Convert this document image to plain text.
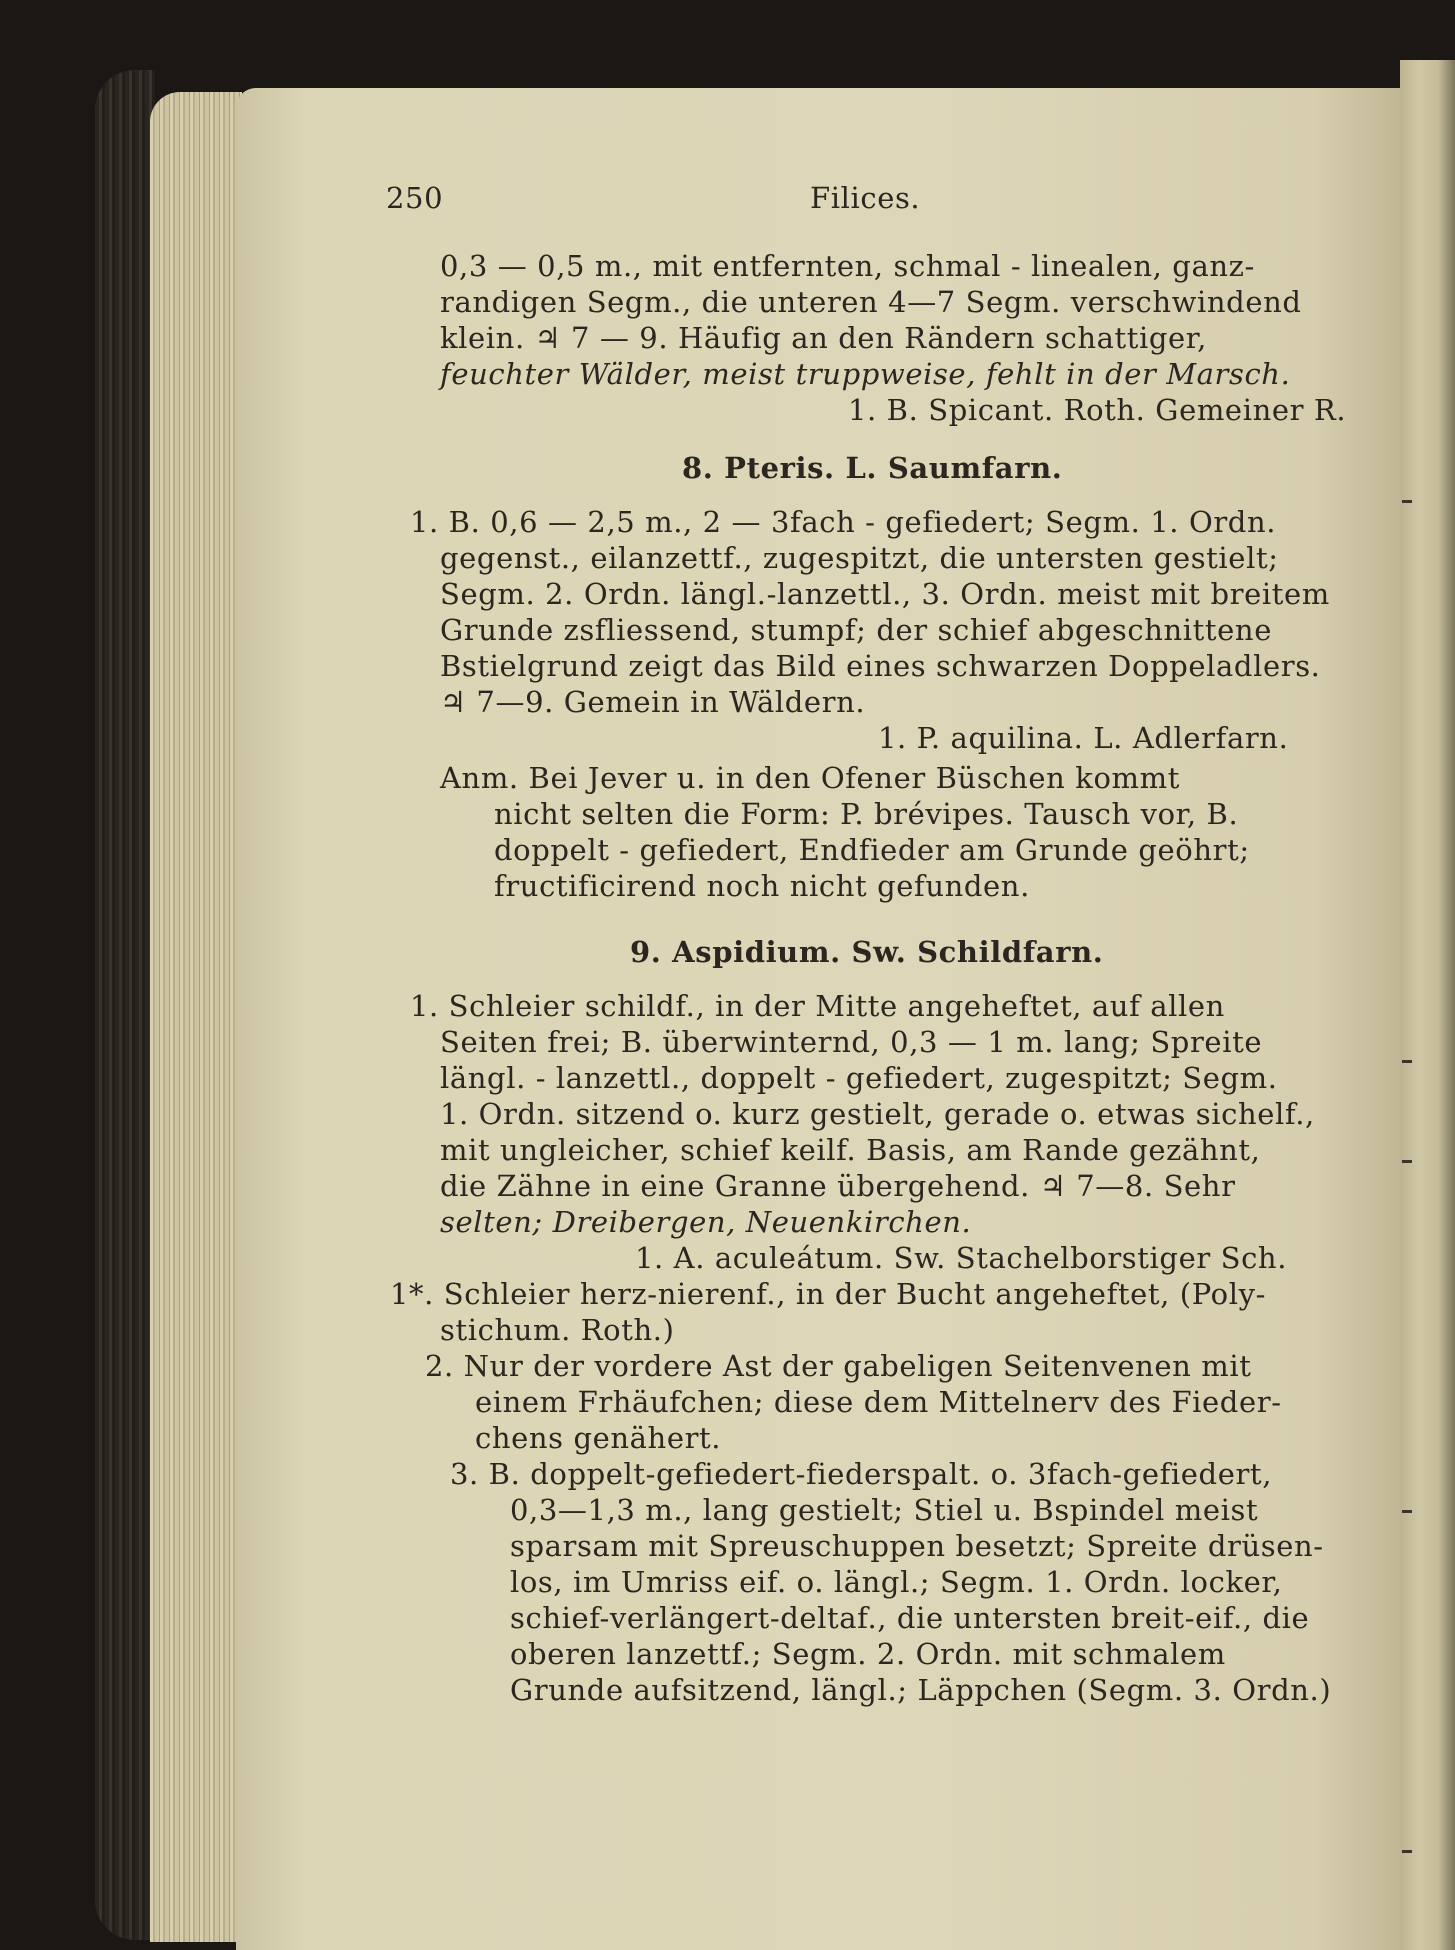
250	Filices.
0,3 — 0,5 m., mit entfernten, schmal - linealen, ganz-
randigen Segm., die unteren 4—7 Segm. verschwindend
klein. ♃ 7 — 9. Häufig an den Rändern schattiger,
feuchter Wälder, meist truppweise, fehlt in der Marsch.
1. B. Spicant. Roth. Gemeiner R.
8. Pteris. L. Saumfarn.
1. B. 0,6 — 2,5 m., 2 — 3fach - gefiedert; Segm. 1. Ordn.
gegenst., eilanzettf., zugespitzt, die untersten gestielt;
Segm. 2. Ordn. längl.-lanzettl., 3. Ordn. meist mit breitem
Grunde zsfliessend, stumpf; der schief abgeschnittene
Bstielgrund zeigt das Bild eines schwarzen Doppeladlers.
♃ 7—9. Gemein in Wäldern.
1. P. aquilina. L. Adlerfarn.
Anm. Bei Jever u. in den Ofener Büschen kommt
nicht selten die Form: P. brévipes. Tausch vor, B.
doppelt - gefiedert, Endfieder am Grunde geöhrt;
fructificirend noch nicht gefunden.
9. Aspidium. Sw. Schildfarn.
1. Schleier schildf., in der Mitte angeheftet, auf allen
Seiten frei; B. überwinternd, 0,3 — 1 m. lang; Spreite
längl. - lanzettl., doppelt - gefiedert, zugespitzt; Segm.
1. Ordn. sitzend o. kurz gestielt, gerade o. etwas sichelf.,
mit ungleicher, schief keilf. Basis, am Rande gezähnt,
die Zähne in eine Granne übergehend. ♃ 7—8. Sehr
selten; Dreibergen, Neuenkirchen.
1. A. aculeátum. Sw. Stachelborstiger Sch.
1*. Schleier herz-nierenf., in der Bucht angeheftet, (Poly-
stichum. Roth.)
2. Nur der vordere Ast der gabeligen Seitenvenen mit
einem Frhäufchen; diese dem Mittelnerv des Fieder-
chens genähert.
3. B. doppelt-gefiedert-fiederspalt. o. 3fach-gefiedert,
0,3—1,3 m., lang gestielt; Stiel u. Bspindel meist
sparsam mit Spreuschuppen besetzt; Spreite drüsen-
los, im Umriss eif. o. längl.; Segm. 1. Ordn. locker,
schief-verlängert-deltaf., die untersten breit-eif., die
oberen lanzettf.; Segm. 2. Ordn. mit schmalem
Grunde aufsitzend, längl.; Läppchen (Segm. 3. Ordn.)
